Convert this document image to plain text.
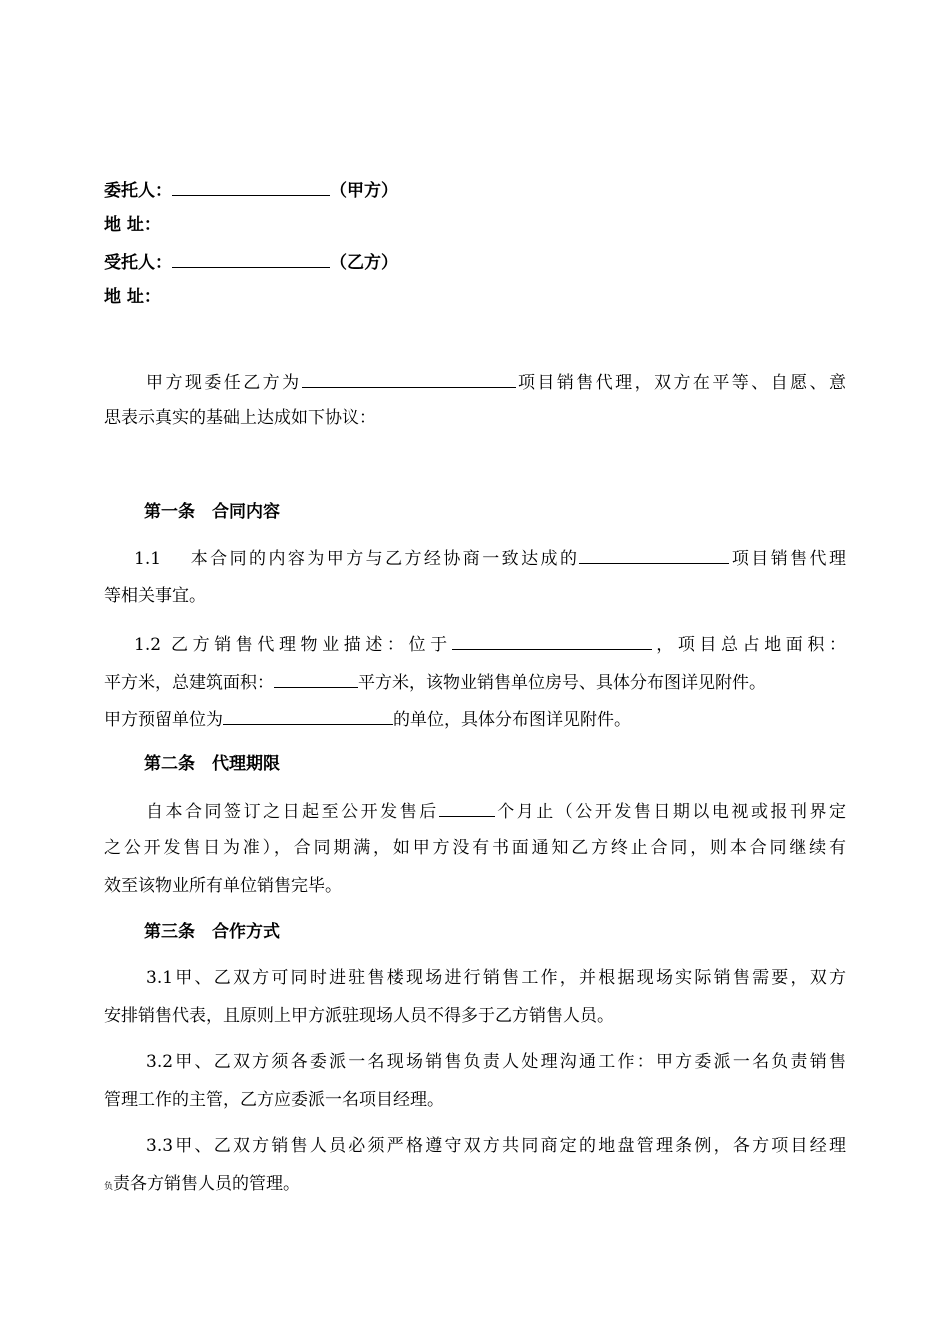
委托人：	（甲方）
地 址：
受托人：	（乙方）
地 址：
甲方现委任乙方为	项目销售代理，双方在平等、自愿、意
思表示真实的基础上达成如下协议：
第一条　合同内容
1.1　 本合同的内容为甲方与乙方经协商一致达成的	项目销售代理
等相关事宜。
1.2 乙方销售代理物业描述：位于	，项目总占地面积：
平方米，总建筑面积：	平方米，该物业销售单位房号、具体分布图详见附件。
甲方预留单位为	的单位，具体分布图详见附件。
第二条　代理期限
自本合同签订之日起至公开发售后	个月止（公开发售日期以电视或报刊界定
之公开发售日为准），合同期满，如甲方没有书面通知乙方终止合同，则本合同继续有
效至该物业所有单位销售完毕。
第三条　合作方式
3.1甲、乙双方可同时进驻售楼现场进行销售工作，并根据现场实际销售需要，双方
安排销售代表，且原则上甲方派驻现场人员不得多于乙方销售人员。
3.2甲、乙双方须各委派一名现场销售负责人处理沟通工作：甲方委派一名负责销售
管理工作的主管，乙方应委派一名项目经理。
3.3甲、乙双方销售人员必须严格遵守双方共同商定的地盘管理条例，各方项目经理
负责各方销售人员的管理。
